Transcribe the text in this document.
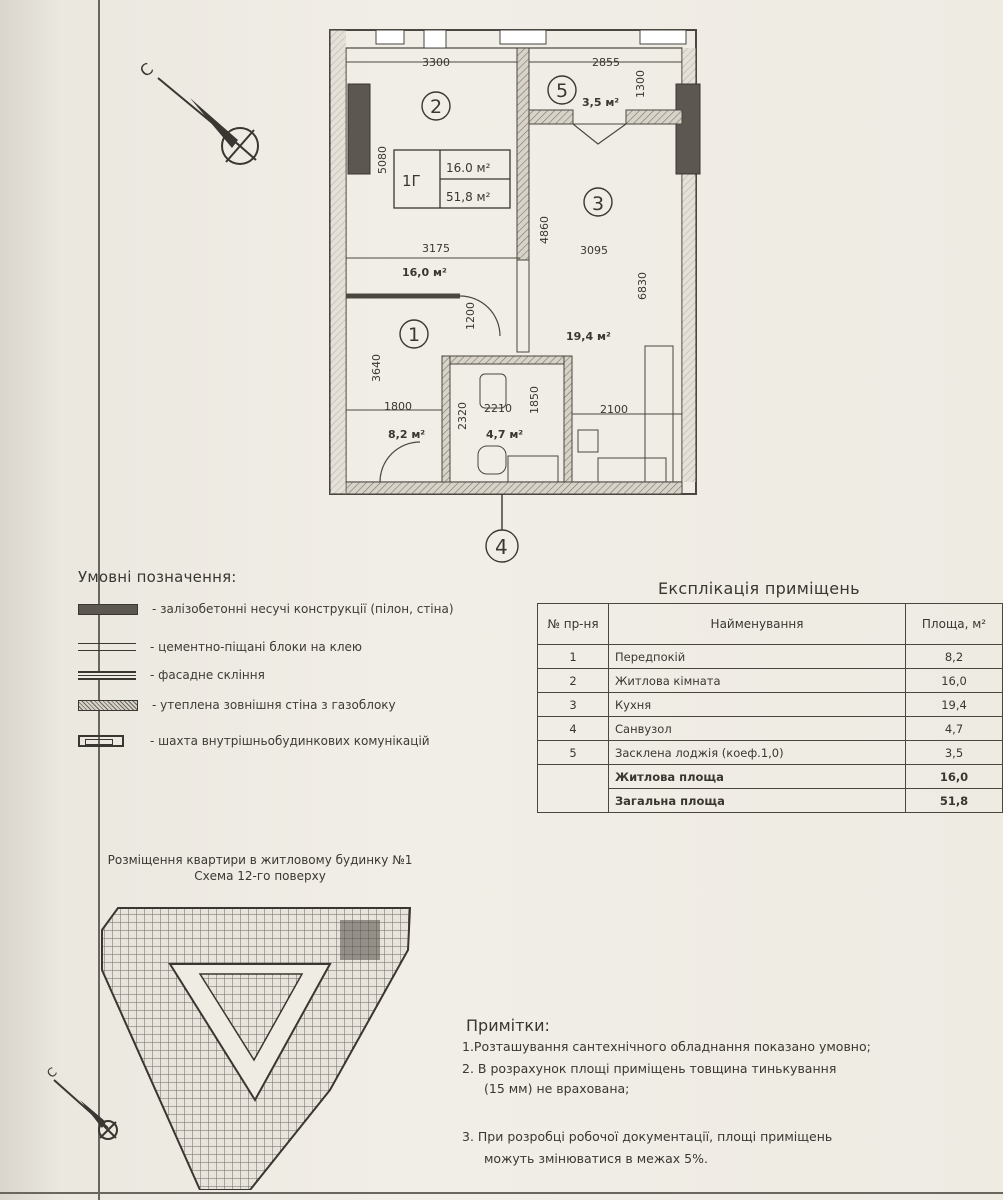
С	3300	2855
1300
5080
4860
3175	3095
6830
1200
3640
1800	2210 1850
2320	2100
2
5
3
1
4
3,5 м²
16,0 м²
19,4 м²
8,2 м²	4,7 м²
1Г
16.0 м²
51,8 м²
Умовні позначення:
- залізобетонні несучі конструкції (пілон, стіна)
- цементно-піщані блоки на клею
- фасадне скління
- утеплена зовнішня стіна з газоблоку
- шахта внутрішньобудинкових комунікацій
Експлікація приміщень
№ пр-ня	Найменування	Площа, м²
1	Передпокій	8,2
2	Житлова кімната	16,0
3	Кухня	19,4
4	Санвузол	4,7
5	Засклена лоджія (коеф.1,0)	3,5
	Житлова площа	16,0
	Загальна площа	51,8
Розміщення квартири в житловому будинку №1
Схема 12-го поверху
С
Примітки:
1.Розташування сантехнічного обладнання показано умовно;
2. В розрахунок площі приміщень товщина тинькування
(15 мм) не врахована;
3. При розробці робочої документації, площі приміщень
можуть змінюватися в межах 5%.
